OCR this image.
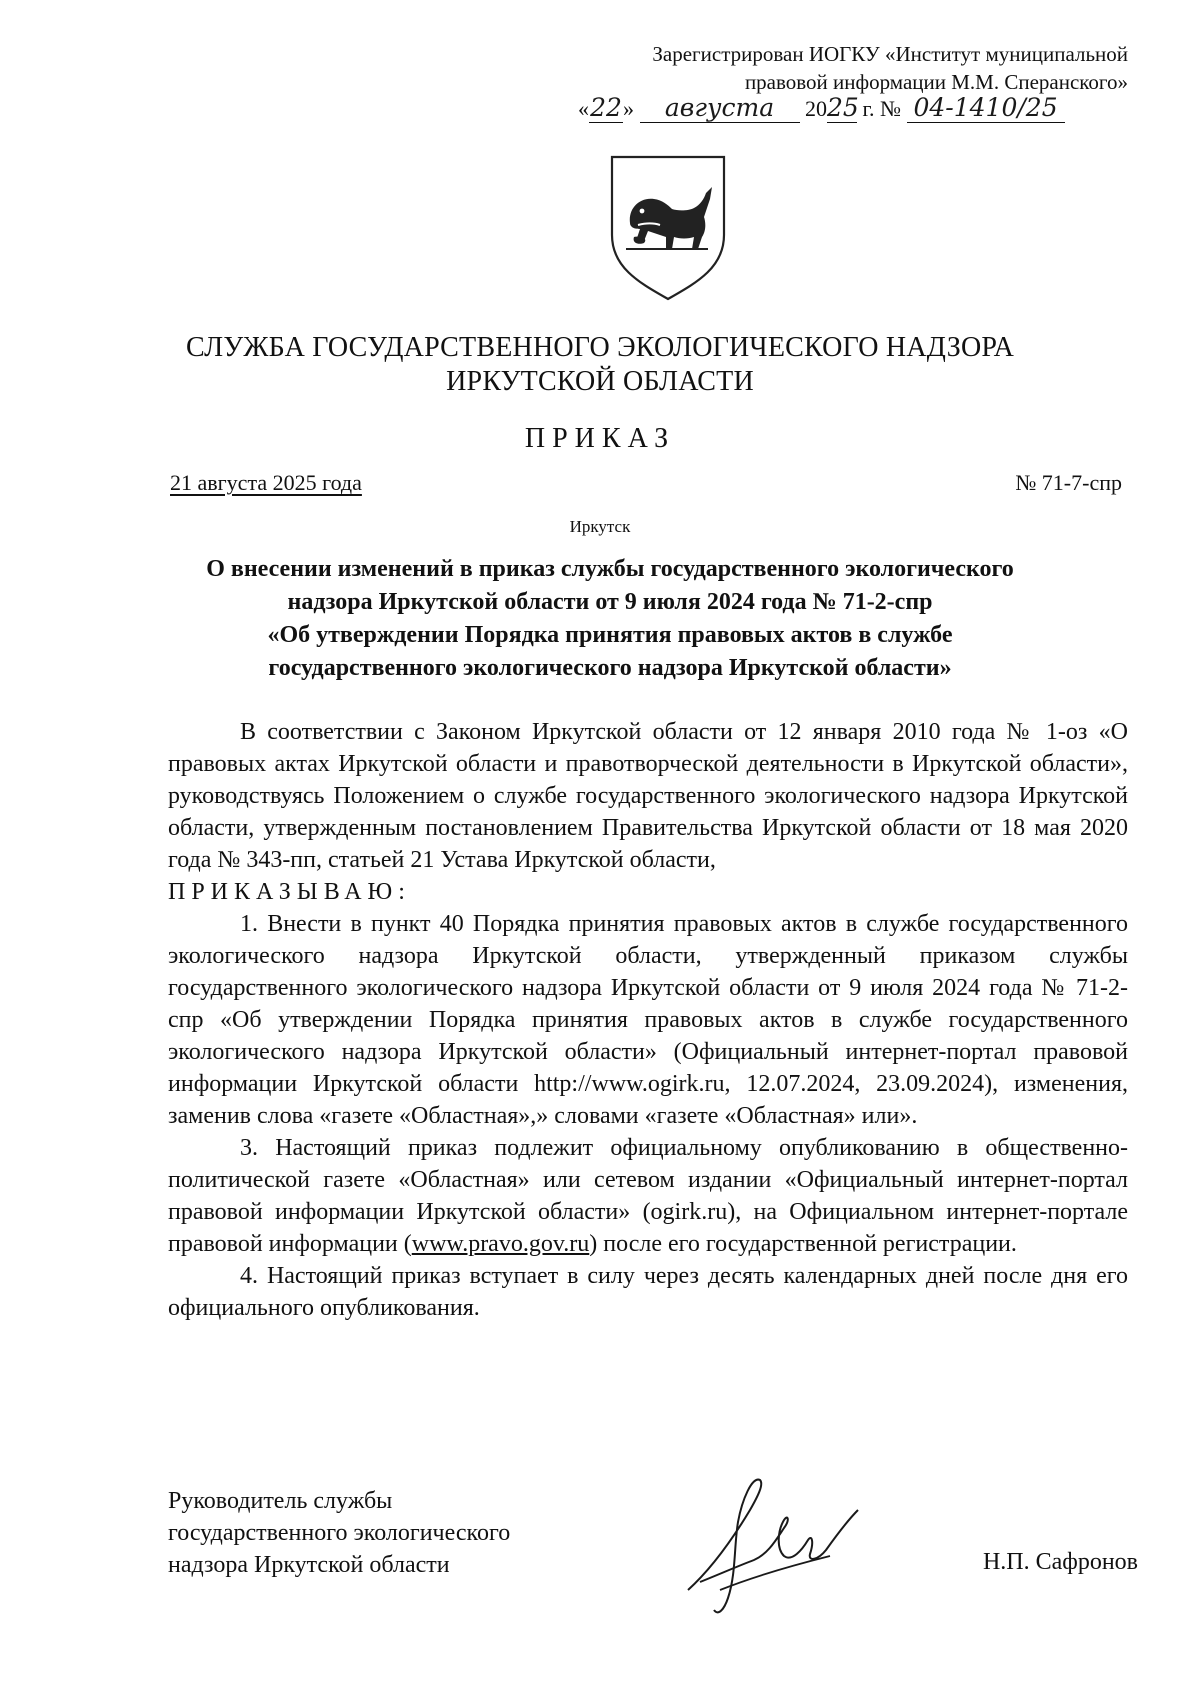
Зарегистрирован ИОГКУ «Институт муниципальной
правовой информации М.М. Сперанского»
«22» августа 2025 г. № 04-1410/25
СЛУЖБА ГОСУДАРСТВЕННОГО ЭКОЛОГИЧЕСКОГО НАДЗОРА
ИРКУТСКОЙ ОБЛАСТИ
ПРИКАЗ
21 августа 2025 года	№ 71-7-спр
Иркутск
О внесении изменений в приказ службы государственного экологического
надзора Иркутской области от 9 июля 2024 года № 71-2-спр
«Об утверждении Порядка принятия правовых актов в службе
государственного экологического надзора Иркутской области»

В соответствии с Законом Иркутской области от 12 января 2010 года № 1-оз «О правовых актах Иркутской области и правотворческой деятельности в Иркутской области», руководствуясь Положением о службе государственного экологического надзора Иркутской области, утвержденным постановлением Правительства Иркутской области от 18 мая 2020 года № 343-пп, статьей 21 Устава Иркутской области,

ПРИКАЗЫВАЮ:

1. Внести в пункт 40 Порядка принятия правовых актов в службе государственного экологического надзора Иркутской области, утвержденный приказом службы государственного экологического надзора Иркутской области от 9 июля 2024 года № 71-2-спр «Об утверждении Порядка принятия правовых актов в службе государственного экологического надзора Иркутской области» (Официальный интернет-портал правовой информации Иркутской области http://www.ogirk.ru, 12.07.2024, 23.09.2024), изменения, заменив слова «газете «Областная»,» словами «газете «Областная» или».

3. Настоящий приказ подлежит официальному опубликованию в общественно-политической газете «Областная» или сетевом издании «Официальный интернет-портал правовой информации Иркутской области» (ogirk.ru), на Официальном интернет-портале правовой информации (www.pravo.gov.ru) после его государственной регистрации.

4. Настоящий приказ вступает в силу через десять календарных дней после дня его официального опубликования.

Руководитель службы
государственного экологического
надзора Иркутской области	Н.П. Сафронов
